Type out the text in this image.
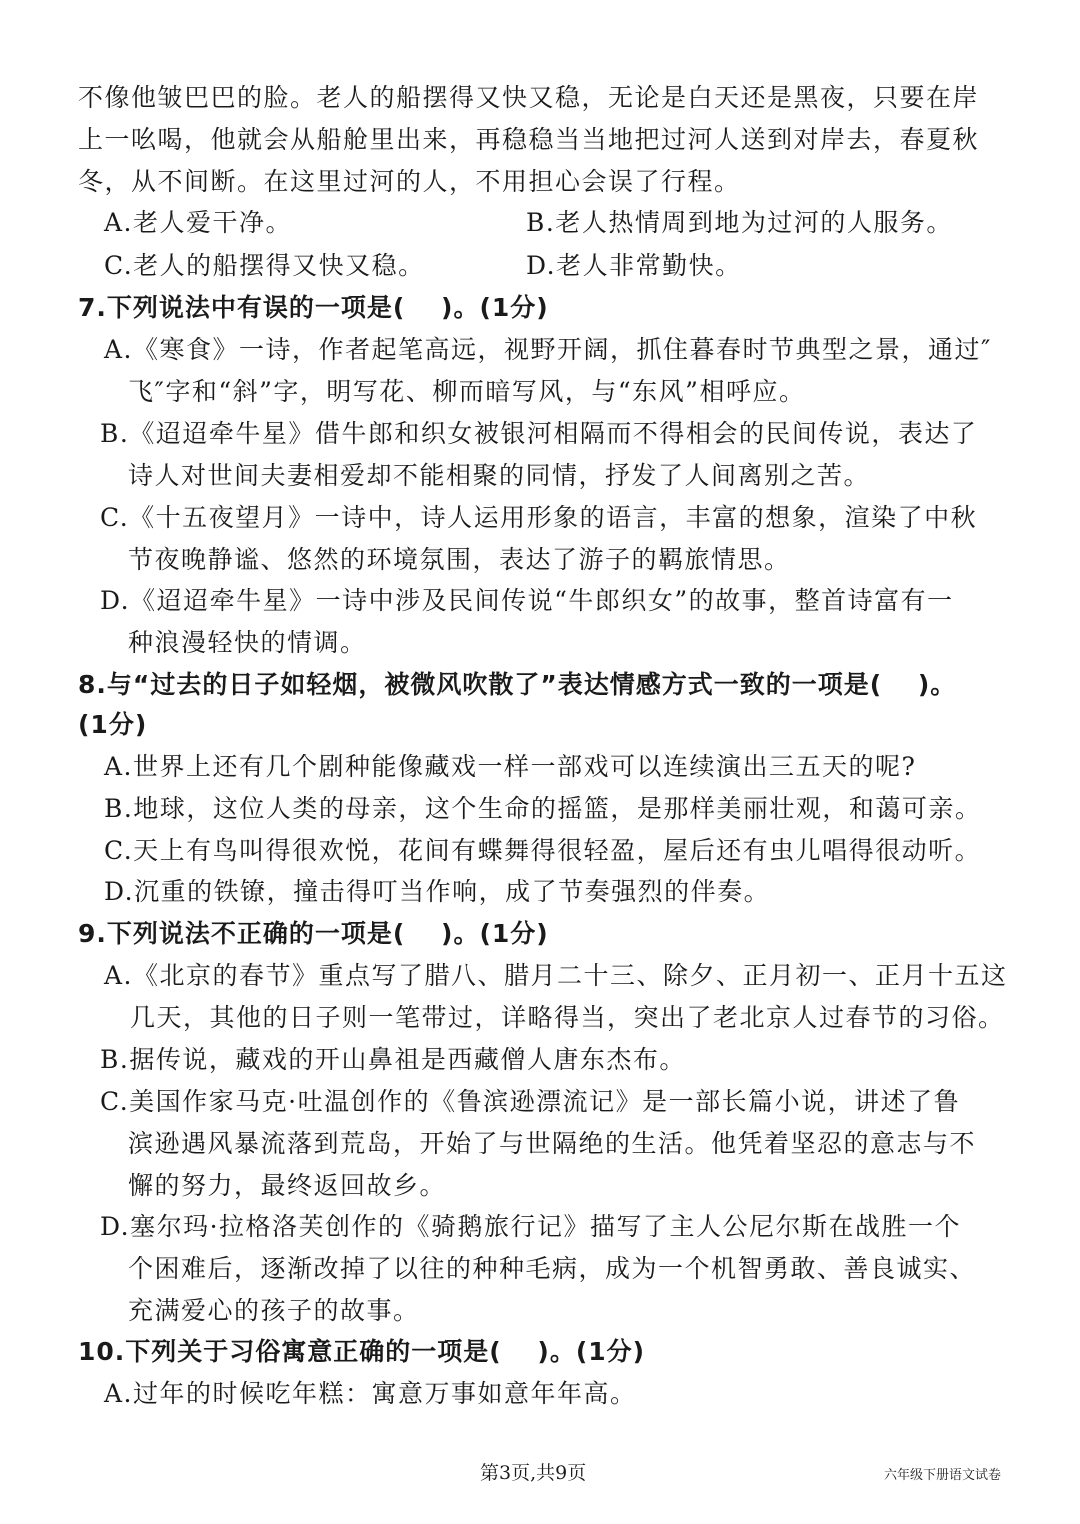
不像他皱巴巴的脸。老人的船摆得又快又稳，无论是白天还是黑夜，只要在岸
上一吆喝，他就会从船舱里出来，再稳稳当当地把过河人送到对岸去，春夏秋
冬，从不间断。在这里过河的人，不用担心会误了行程。
A.老人爱干净。	B.老人热情周到地为过河的人服务。
C.老人的船摆得又快又稳。	D.老人非常勤快。
7.下列说法中有误的一项是(　 )。(1分)
A.《寒食》一诗，作者起笔高远，视野开阔，抓住暮春时节典型之景，通过″
飞″字和“斜”字，明写花、柳而暗写风，与“东风”相呼应。
B.《迢迢牵牛星》借牛郎和织女被银河相隔而不得相会的民间传说，表达了
诗人对世间夫妻相爱却不能相聚的同情，抒发了人间离别之苦。
C.《十五夜望月》一诗中，诗人运用形象的语言，丰富的想象，渲染了中秋
节夜晚静谧、悠然的环境氛围，表达了游子的羁旅情思。
D.《迢迢牵牛星》一诗中涉及民间传说“牛郎织女”的故事，整首诗富有一
种浪漫轻快的情调。
8.与“过去的日子如轻烟，被微风吹散了”表达情感方式一致的一项是(　 )。
(1分)
A.世界上还有几个剧种能像藏戏一样一部戏可以连续演出三五天的呢?
B.地球，这位人类的母亲，这个生命的摇篮，是那样美丽壮观，和蔼可亲。
C.天上有鸟叫得很欢悦，花间有蝶舞得很轻盈，屋后还有虫儿唱得很动听。
D.沉重的铁镣，撞击得叮当作响，成了节奏强烈的伴奏。
9.下列说法不正确的一项是(　 )。(1分)
A.《北京的春节》重点写了腊八、腊月二十三、除夕、正月初一、正月十五这
几天，其他的日子则一笔带过，详略得当，突出了老北京人过春节的习俗。
B.据传说，藏戏的开山鼻祖是西藏僧人唐东杰布。
C.美国作家马克·吐温创作的《鲁滨逊漂流记》是一部长篇小说，讲述了鲁
滨逊遇风暴流落到荒岛，开始了与世隔绝的生活。他凭着坚忍的意志与不
懈的努力，最终返回故乡。
D.塞尔玛·拉格洛芙创作的《骑鹅旅行记》描写了主人公尼尔斯在战胜一个
个困难后，逐渐改掉了以往的种种毛病，成为一个机智勇敢、善良诚实、
充满爱心的孩子的故事。
10.下列关于习俗寓意正确的一项是(　 )。(1分)
A.过年的时候吃年糕：寓意万事如意年年高。
第3页,共9页	六年级下册语文试卷
